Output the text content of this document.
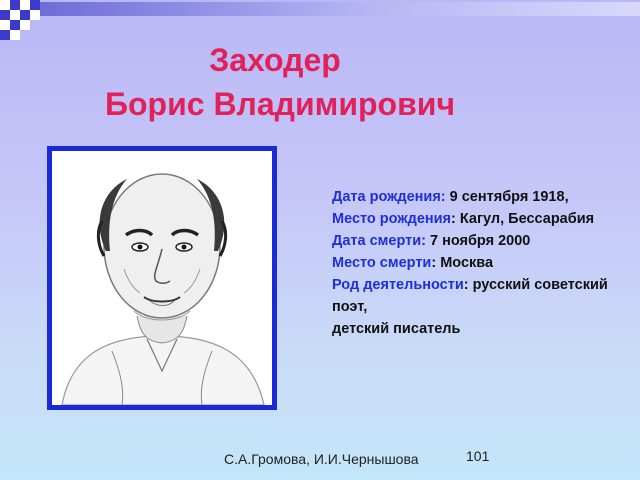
Заходер
Борис Владимирович
Дата рождения: 9 сентября 1918,
Место рождения: Кагул, Бессарабия
Дата смерти: 7 ноября 2000
Место смерти: Москва
Род деятельности: русский советский поэт,
детский писатель
С.А.Громова, И.И.Чернышова	101
